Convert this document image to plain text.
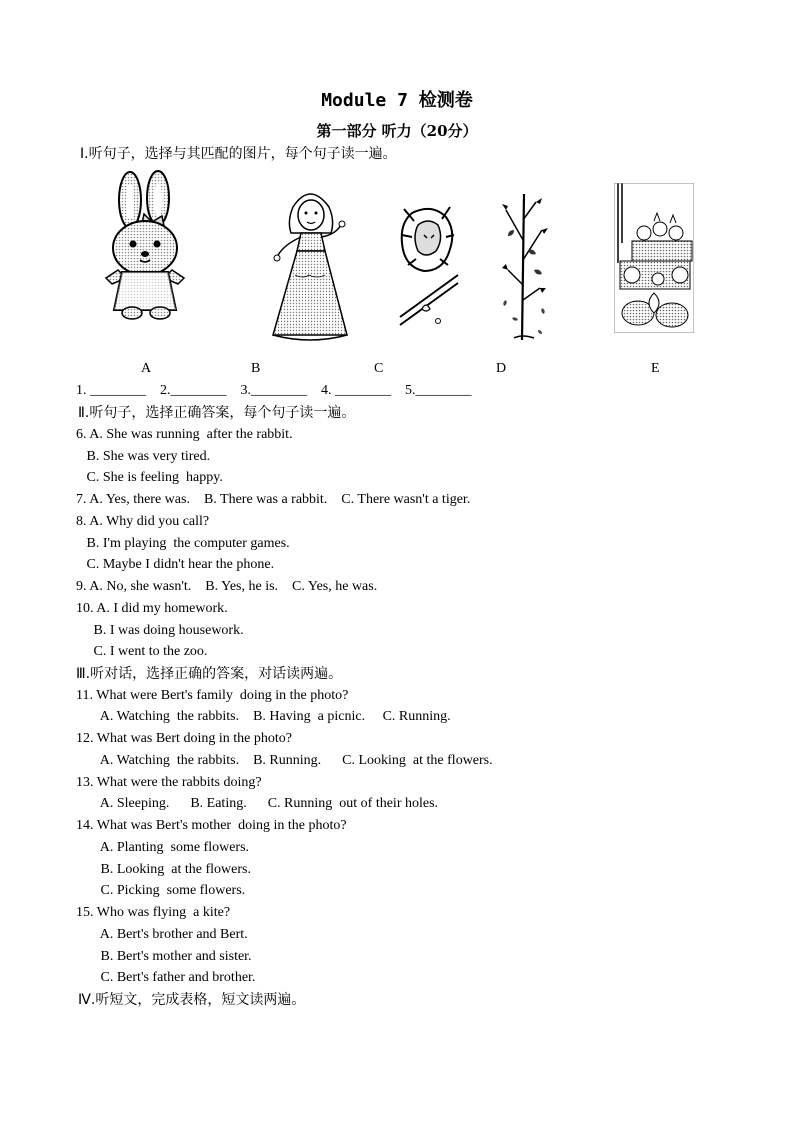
Module 7 检测卷
第一部分 听力（20分）
Ⅰ.听句子，选择与其匹配的图片，每个句子读一遍。
A	B	C	D	E
1. ________    2.________    3.________    4. ________    5.________
Ⅱ.听句子，选择正确答案，每个句子读一遍。
6. A. She was running  after the rabbit.
B. She was very tired.
C. She is feeling  happy.
7. A. Yes, there was.    B. There was a rabbit.    C. There wasn't a tiger.
8. A. Why did you call?
B. I'm playing  the computer games.
C. Maybe I didn't hear the phone.
9. A. No, she wasn't.    B. Yes, he is.    C. Yes, he was.
10. A. I did my homework.
B. I was doing housework.
C. I went to the zoo.
Ⅲ.听对话，选择正确的答案，对话读两遍。
11. What were Bert's family  doing in the photo?
A. Watching  the rabbits.    B. Having  a picnic.     C. Running.
12. What was Bert doing in the photo?
A. Watching  the rabbits.    B. Running.      C. Looking  at the flowers.
13. What were the rabbits doing?
A. Sleeping.      B. Eating.      C. Running  out of their holes.
14. What was Bert's mother  doing in the photo?
A. Planting  some flowers.
B. Looking  at the flowers.
C. Picking  some flowers.
15. Who was flying  a kite?
A. Bert's brother and Bert.
B. Bert's mother and sister.
C. Bert's father and brother.
Ⅳ.听短文，完成表格，短文读两遍。
